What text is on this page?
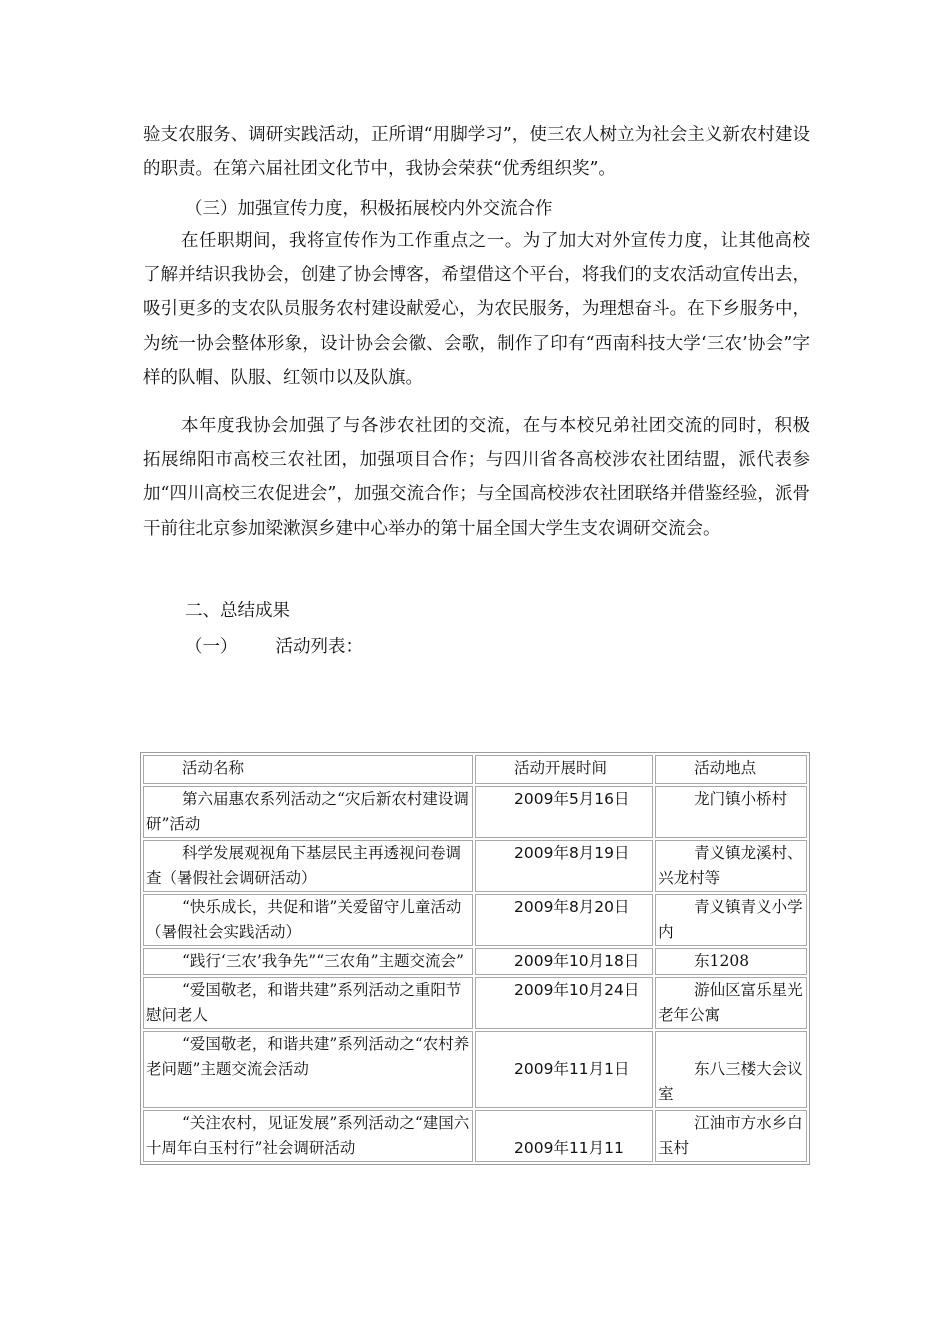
验支农服务、调研实践活动，正所谓“用脚学习”，使三农人树立为社会主义新农村建设的职责。在第六届社团文化节中，我协会荣获“优秀组织奖”。

（三）加强宣传力度，积极拓展校内外交流合作

在任职期间，我将宣传作为工作重点之一。为了加大对外宣传力度，让其他高校了解并结识我协会，创建了协会博客，希望借这个平台，将我们的支农活动宣传出去，吸引更多的支农队员服务农村建设献爱心，为农民服务，为理想奋斗。在下乡服务中，为统一协会整体形象，设计协会会徽、会歌，制作了印有“西南科技大学‘三农’协会”字样的队帽、队服、红领巾以及队旗。

本年度我协会加强了与各涉农社团的交流，在与本校兄弟社团交流的同时，积极拓展绵阳市高校三农社团，加强项目合作；与四川省各高校涉农社团结盟，派代表参加“四川高校三农促进会”，加强交流合作；与全国高校涉农社团联络并借鉴经验，派骨干前往北京参加梁漱溟乡建中心举办的第十届全国大学生支农调研交流会。

二、总结成果

（一） 活动列表：
活动名称	活动开展时间	活动地点
第六届惠农系列活动之“灾后新农村建设调研”活动	2009年5月16日	龙门镇小桥村
科学发展观视角下基层民主再透视问卷调查（暑假社会调研活动）	2009年8月19日	青义镇龙溪村、兴龙村等
“快乐成长，共促和谐”关爱留守儿童活动（暑假社会实践活动）	2009年8月20日	青义镇青义小学内
“践行‘三农’我争先”“三农角”主题交流会”	2009年10月18日	东1208
“爱国敬老，和谐共建”系列活动之重阳节慰问老人	2009年10月24日	游仙区富乐星光老年公寓
“爱国敬老，和谐共建”系列活动之“农村养老问题”主题交流会活动	2009年11月1日	东八三楼大会议室
“关注农村，见证发展”系列活动之“建国六十周年白玉村行”社会调研活动	2009年11月11	江油市方水乡白玉村
